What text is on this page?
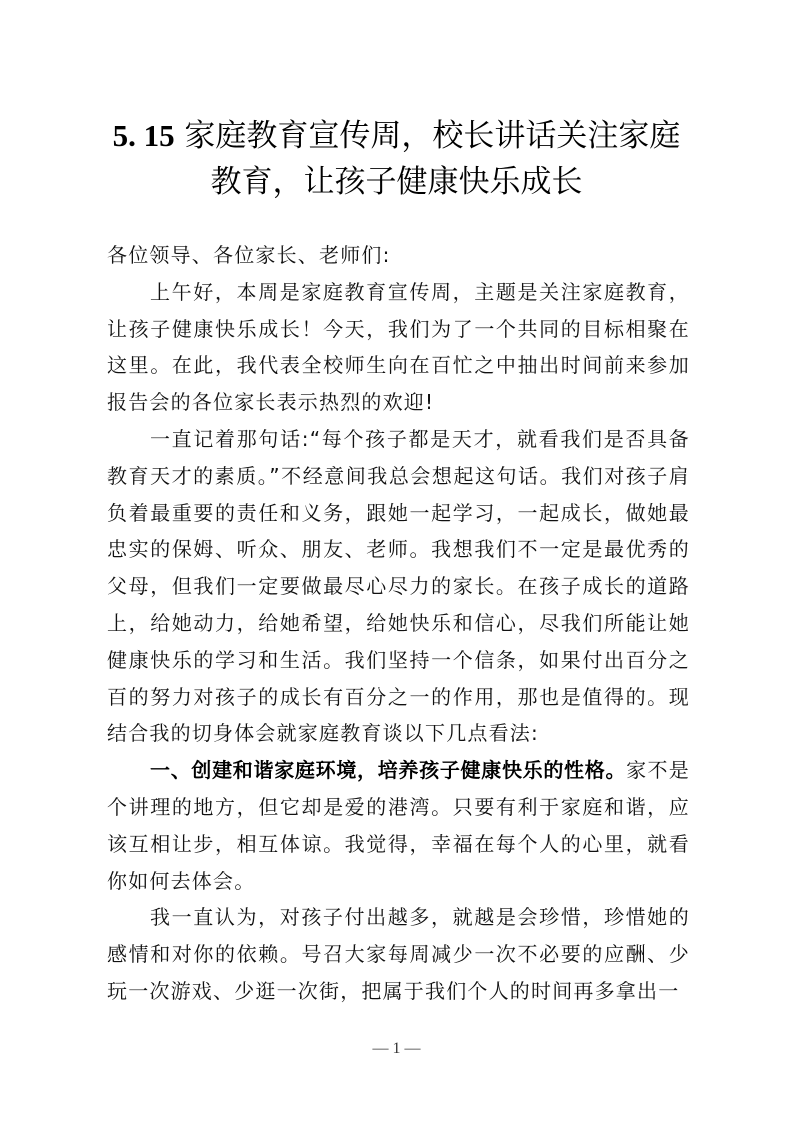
5. 15 家庭教育宣传周，校长讲话关注家庭
教育，让孩子健康快乐成长

各位领导、各位家长、老师们:

上午好，本周是家庭教育宣传周，主题是关注家庭教育，让孩子健康快乐成长！今天，我们为了一个共同的目标相聚在这里。在此，我代表全校师生向在百忙之中抽出时间前来参加报告会的各位家长表示热烈的欢迎!

一直记着那句话:“每个孩子都是天才，就看我们是否具备教育天才的素质。”不经意间我总会想起这句话。我们对孩子肩负着最重要的责任和义务，跟她一起学习，一起成长，做她最忠实的保姆、听众、朋友、老师。我想我们不一定是最优秀的父母，但我们一定要做最尽心尽力的家长。在孩子成长的道路上，给她动力，给她希望，给她快乐和信心，尽我们所能让她健康快乐的学习和生活。我们坚持一个信条，如果付出百分之百的努力对孩子的成长有百分之一的作用，那也是值得的。现结合我的切身体会就家庭教育谈以下几点看法:

一、创建和谐家庭环境，培养孩子健康快乐的性格。家不是个讲理的地方，但它却是爱的港湾。只要有利于家庭和谐，应该互相让步，相互体谅。我觉得，幸福在每个人的心里，就看你如何去体会。

我一直认为，对孩子付出越多，就越是会珍惜，珍惜她的感情和对你的依赖。号召大家每周减少一次不必要的应酬、少玩一次游戏、少逛一次街，把属于我们个人的时间再多拿出一

— 1 —
